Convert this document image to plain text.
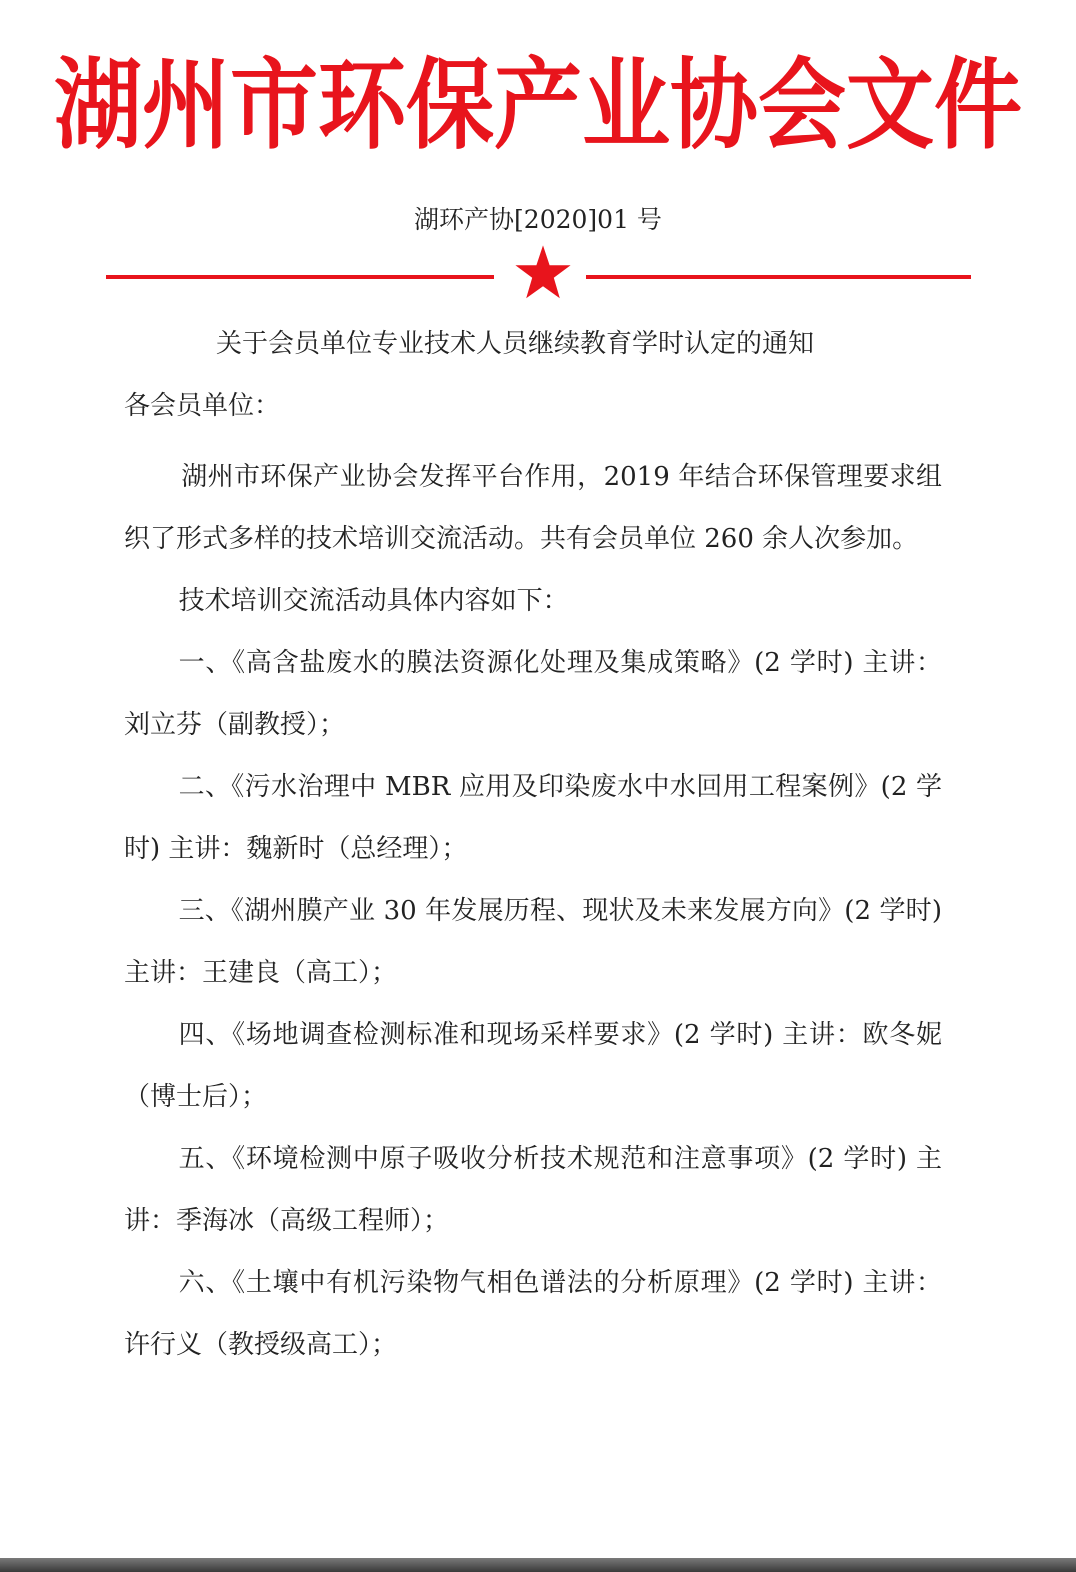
湖州市环保产业协会文件
湖环产协[2020]01 号
关于会员单位专业技术人员继续教育学时认定的通知
各会员单位：

湖州市环保产业协会发挥平台作用，2019 年结合环保管理要求组织了形式多样的技术培训交流活动。共有会员单位 260 余人次参加。

技术培训交流活动具体内容如下：

一、《高含盐废水的膜法资源化处理及集成策略》(2 学时) 主讲：刘立芬（副教授）；

二、《污水治理中 MBR 应用及印染废水中水回用工程案例》(2 学时) 主讲：魏新时（总经理）；

三、《湖州膜产业 30 年发展历程、现状及未来发展方向》(2 学时) 主讲：王建良（高工）；

四、《场地调查检测标准和现场采样要求》(2 学时) 主讲：欧冬妮（博士后）；

五、《环境检测中原子吸收分析技术规范和注意事项》(2 学时) 主讲：季海冰（高级工程师）；

六、《土壤中有机污染物气相色谱法的分析原理》(2 学时) 主讲：许行义（教授级高工）；
